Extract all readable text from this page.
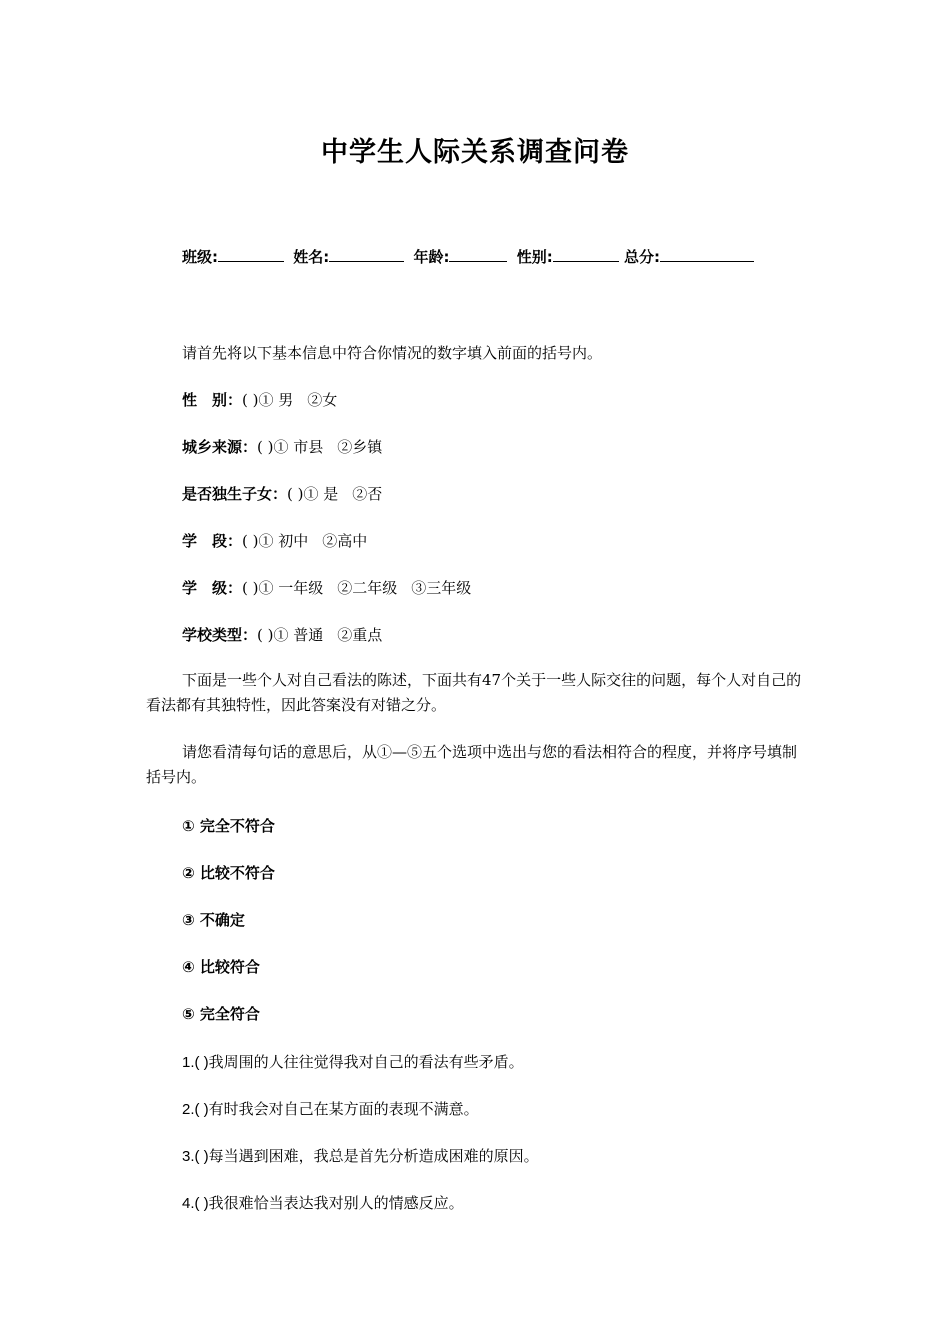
中学生人际关系调查问卷
班级:	姓名:	年龄:	性别:	总分:
请首先将以下基本信息中符合你情况的数字填入前面的括号内。
性　别：( )① 男 ②女
城乡来源：( )① 市县 ②乡镇
是否独生子女：( )① 是 ②否
学　段：( )① 初中 ②高中
学　级：( )① 一年级 ②二年级 ③三年级
学校类型：( )① 普通 ②重点
下面是一些个人对自己看法的陈述，下面共有47个关于一些人际交往的问题，每个人对自己的看法都有其独特性，因此答案没有对错之分。
请您看清每句话的意思后，从①—⑤五个选项中选出与您的看法相符合的程度，并将序号填制括号内。
① 完全不符合
② 比较不符合
③ 不确定
④ 比较符合
⑤ 完全符合
1.( )我周围的人往往觉得我对自己的看法有些矛盾。
2.( )有时我会对自己在某方面的表现不满意。
3.( )每当遇到困难，我总是首先分析造成困难的原因。
4.( )我很难恰当表达我对别人的情感反应。
